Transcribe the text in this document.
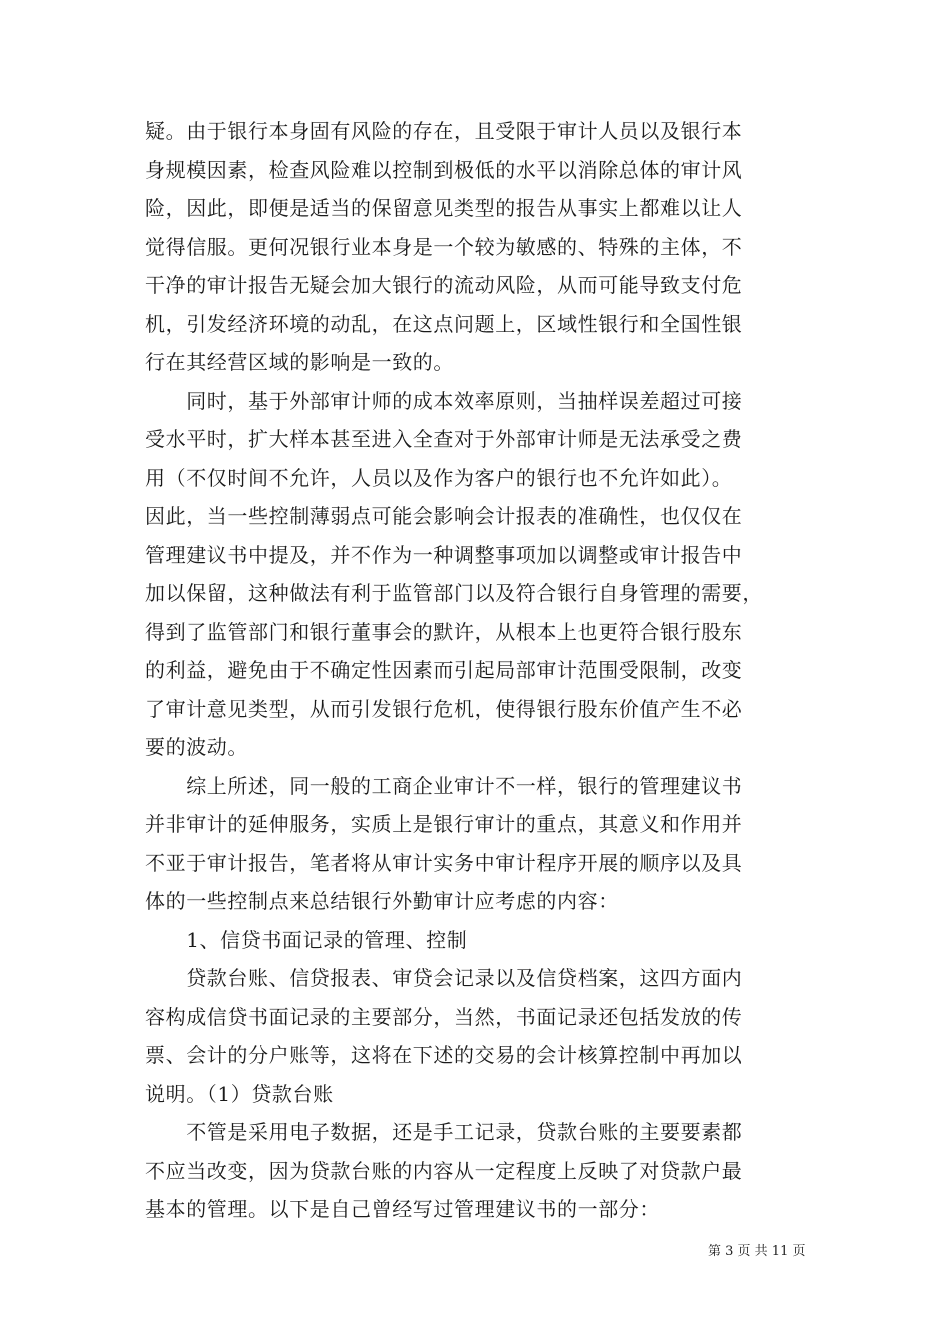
疑。由于银行本身固有风险的存在，且受限于审计人员以及银行本
身规模因素，检查风险难以控制到极低的水平以消除总体的审计风
险，因此，即便是适当的保留意见类型的报告从事实上都难以让人
觉得信服。更何况银行业本身是一个较为敏感的、特殊的主体，不
干净的审计报告无疑会加大银行的流动风险，从而可能导致支付危
机，引发经济环境的动乱，在这点问题上，区域性银行和全国性银
行在其经营区域的影响是一致的。
　　同时，基于外部审计师的成本效率原则，当抽样误差超过可接
受水平时，扩大样本甚至进入全查对于外部审计师是无法承受之费
用（不仅时间不允许，人员以及作为客户的银行也不允许如此）。
因此，当一些控制薄弱点可能会影响会计报表的准确性，也仅仅在
管理建议书中提及，并不作为一种调整事项加以调整或审计报告中
加以保留，这种做法有利于监管部门以及符合银行自身管理的需要，
得到了监管部门和银行董事会的默许，从根本上也更符合银行股东
的利益，避免由于不确定性因素而引起局部审计范围受限制，改变
了审计意见类型，从而引发银行危机，使得银行股东价值产生不必
要的波动。
　　综上所述，同一般的工商企业审计不一样，银行的管理建议书
并非审计的延伸服务，实质上是银行审计的重点，其意义和作用并
不亚于审计报告，笔者将从审计实务中审计程序开展的顺序以及具
体的一些控制点来总结银行外勤审计应考虑的内容：
　　1、信贷书面记录的管理、控制
　　贷款台账、信贷报表、审贷会记录以及信贷档案，这四方面内
容构成信贷书面记录的主要部分，当然，书面记录还包括发放的传
票、会计的分户账等，这将在下述的交易的会计核算控制中再加以
说明。（1）贷款台账
　　不管是采用电子数据，还是手工记录，贷款台账的主要要素都
不应当改变，因为贷款台账的内容从一定程度上反映了对贷款户最
基本的管理。以下是自己曾经写过管理建议书的一部分：
第 3 页 共 11 页
